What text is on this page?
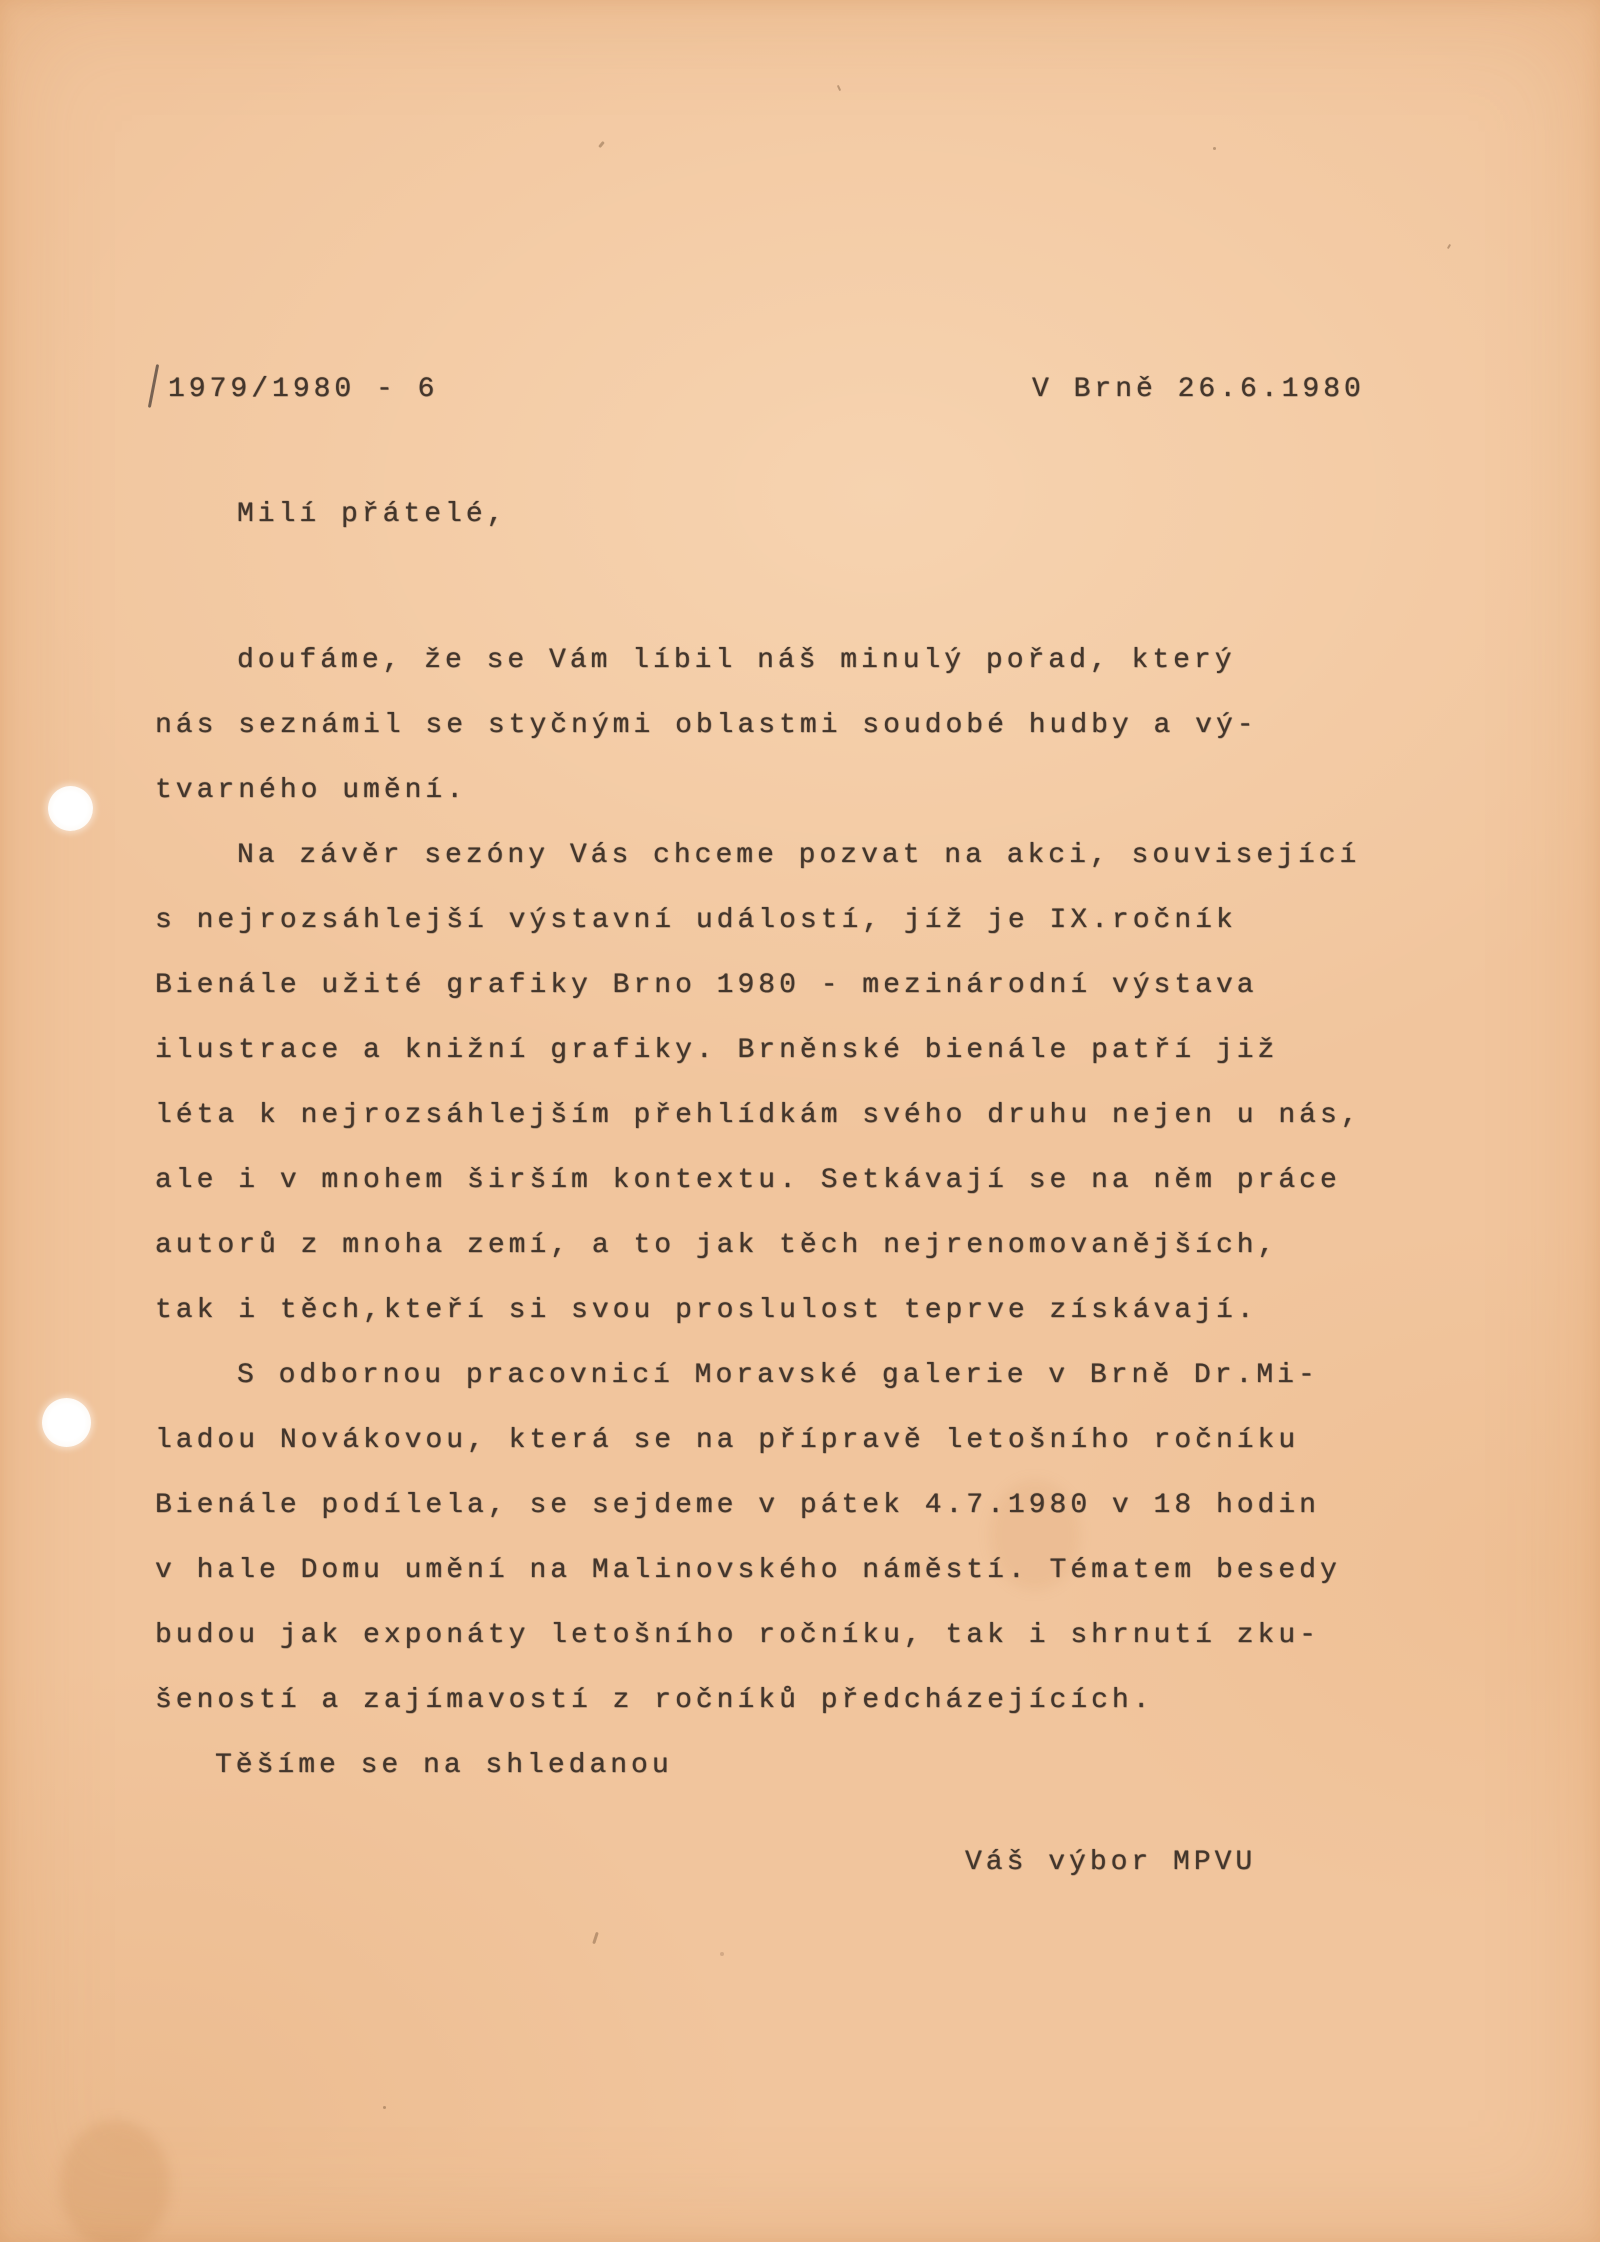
1979/1980 - 6	V Brně 26.6.1980
Milí přátelé,
doufáme, že se Vám líbil náš minulý pořad, který
nás seznámil se styčnými oblastmi soudobé hudby a vý-
tvarného umění.
Na závěr sezóny Vás chceme pozvat na akci, související
s nejrozsáhlejší výstavní událostí, jíž je IX.ročník
Bienále užité grafiky Brno 1980 - mezinárodní výstava
ilustrace a knižní grafiky. Brněnské bienále patří již
léta k nejrozsáhlejším přehlídkám svého druhu nejen u nás,
ale i v mnohem širším kontextu. Setkávají se na něm práce
autorů z mnoha zemí, a to jak těch nejrenomovanějších,
tak i těch,kteří si svou proslulost teprve získávají.
S odbornou pracovnicí Moravské galerie v Brně Dr.Mi-
ladou Novákovou, která se na přípravě letošního ročníku
Bienále podílela, se sejdeme v pátek 4.7.1980 v 18 hodin
v hale Domu umění na Malinovského náměstí. Tématem besedy
budou jak exponáty letošního ročníku, tak i shrnutí zku-
šeností a zajímavostí z ročníků předcházejících.
Těšíme se na shledanou
Váš výbor MPVU
